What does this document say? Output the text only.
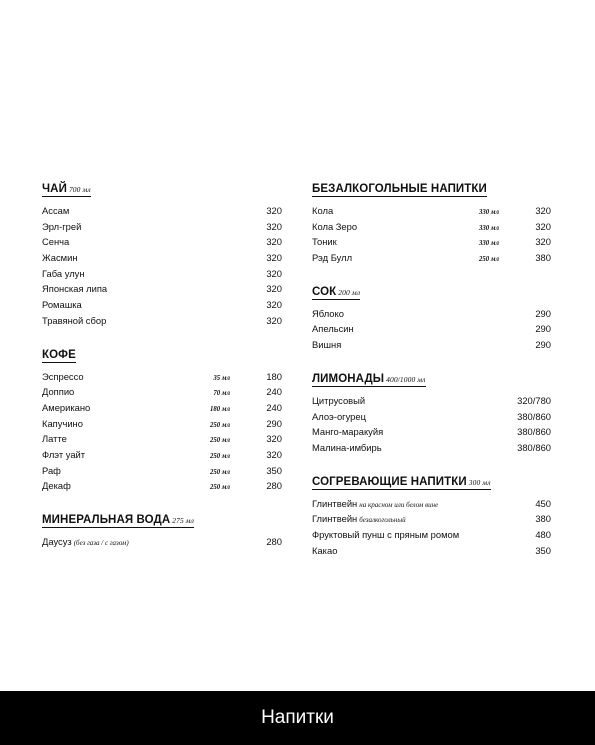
ЧАЙ 700 мл
Ассам	320
Эрл-грей	320
Сенча	320
Жасмин	320
Габа улун	320
Японская липа	320
Ромашка	320
Травяной сбор	320
КОФЕ
Эспрессо	35 мл	180
Доппио	70 мл	240
Американо	180 мл	240
Капучино	250 мл	290
Латте	250 мл	320
Флэт уайт	250 мл	320
Раф	250 мл	350
Декаф	250 мл	280
МИНЕРАЛЬНАЯ ВОДА 275 мл
Даусуз (без газа / с газом)	280
БЕЗАЛКОГОЛЬНЫЕ НАПИТКИ
Кола	330 мл	320
Кола Зеро	330 мл	320
Тоник	330 мл	320
Рэд Булл	250 мл	380
СОК 200 мл
Яблоко	290
Апельсин	290
Вишня	290
ЛИМОНАДЫ 400/1000 мл
Цитрусовый	320/780
Алоэ-огурец	380/860
Манго-маракуйя	380/860
Малина-имбирь	380/860
СОГРЕВАЮЩИЕ НАПИТКИ 300 мл
Глинтвейн на красном или белом вине	450
Глинтвейн безалкогольный	380
Фруктовый пунш с пряным ромом	480
Какао	350
Напитки
